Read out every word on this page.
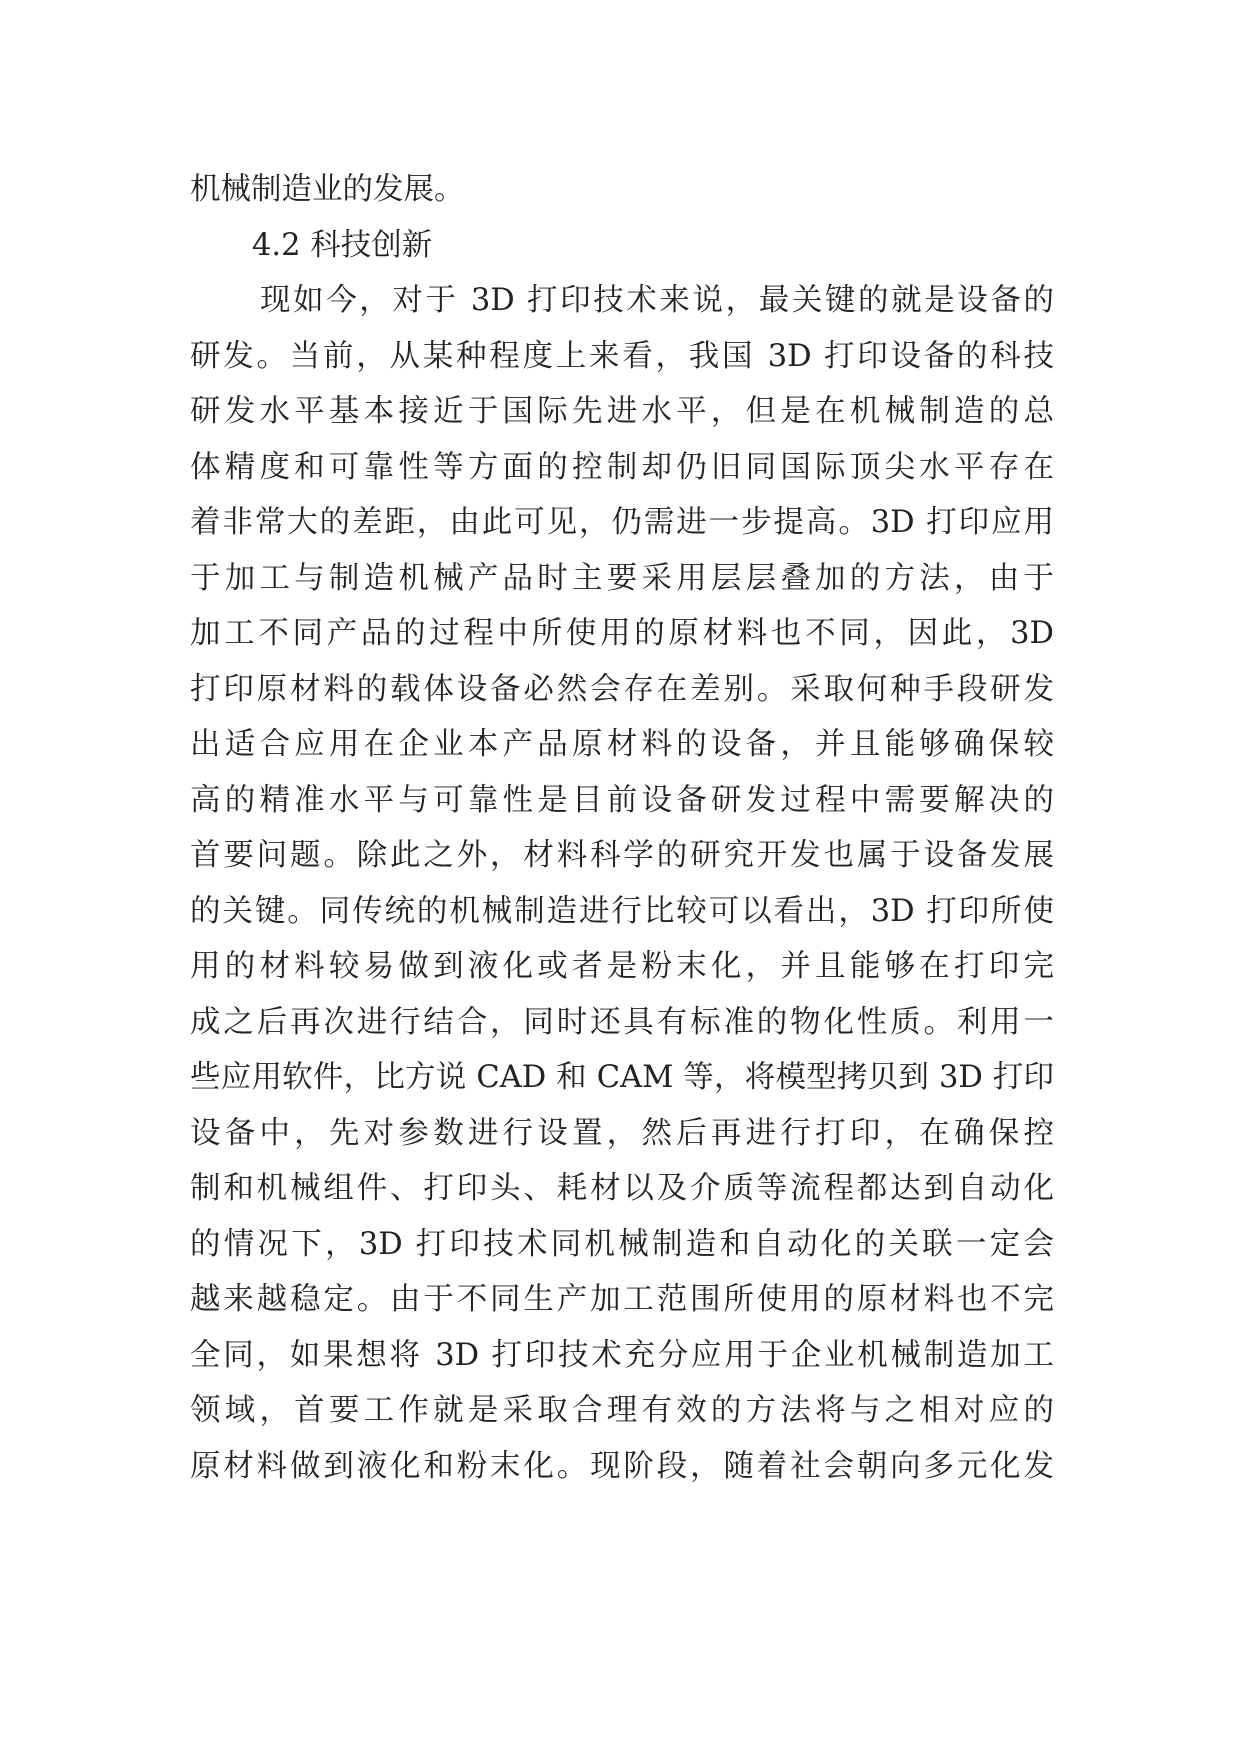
机械制造业的发展。
4.2 科技创新
现如今，对于 3D 打印技术来说，最关键的就是设备的
研发。当前，从某种程度上来看，我国 3D 打印设备的科技
研发水平基本接近于国际先进水平，但是在机械制造的总
体精度和可靠性等方面的控制却仍旧同国际顶尖水平存在
着非常大的差距，由此可见，仍需进一步提高。3D 打印应用
于加工与制造机械产品时主要采用层层叠加的方法，由于
加工不同产品的过程中所使用的原材料也不同，因此，3D
打印原材料的载体设备必然会存在差别。采取何种手段研发
出适合应用在企业本产品原材料的设备，并且能够确保较
高的精准水平与可靠性是目前设备研发过程中需要解决的
首要问题。除此之外，材料科学的研究开发也属于设备发展
的关键。同传统的机械制造进行比较可以看出，3D 打印所使
用的材料较易做到液化或者是粉末化，并且能够在打印完
成之后再次进行结合，同时还具有标准的物化性质。利用一
些应用软件，比方说 CAD 和 CAM 等，将模型拷贝到 3D 打印
设备中，先对参数进行设置，然后再进行打印，在确保控
制和机械组件、打印头、耗材以及介质等流程都达到自动化
的情况下，3D 打印技术同机械制造和自动化的关联一定会
越来越稳定。由于不同生产加工范围所使用的原材料也不完
全同，如果想将 3D 打印技术充分应用于企业机械制造加工
领域，首要工作就是采取合理有效的方法将与之相对应的
原材料做到液化和粉末化。现阶段，随着社会朝向多元化发
